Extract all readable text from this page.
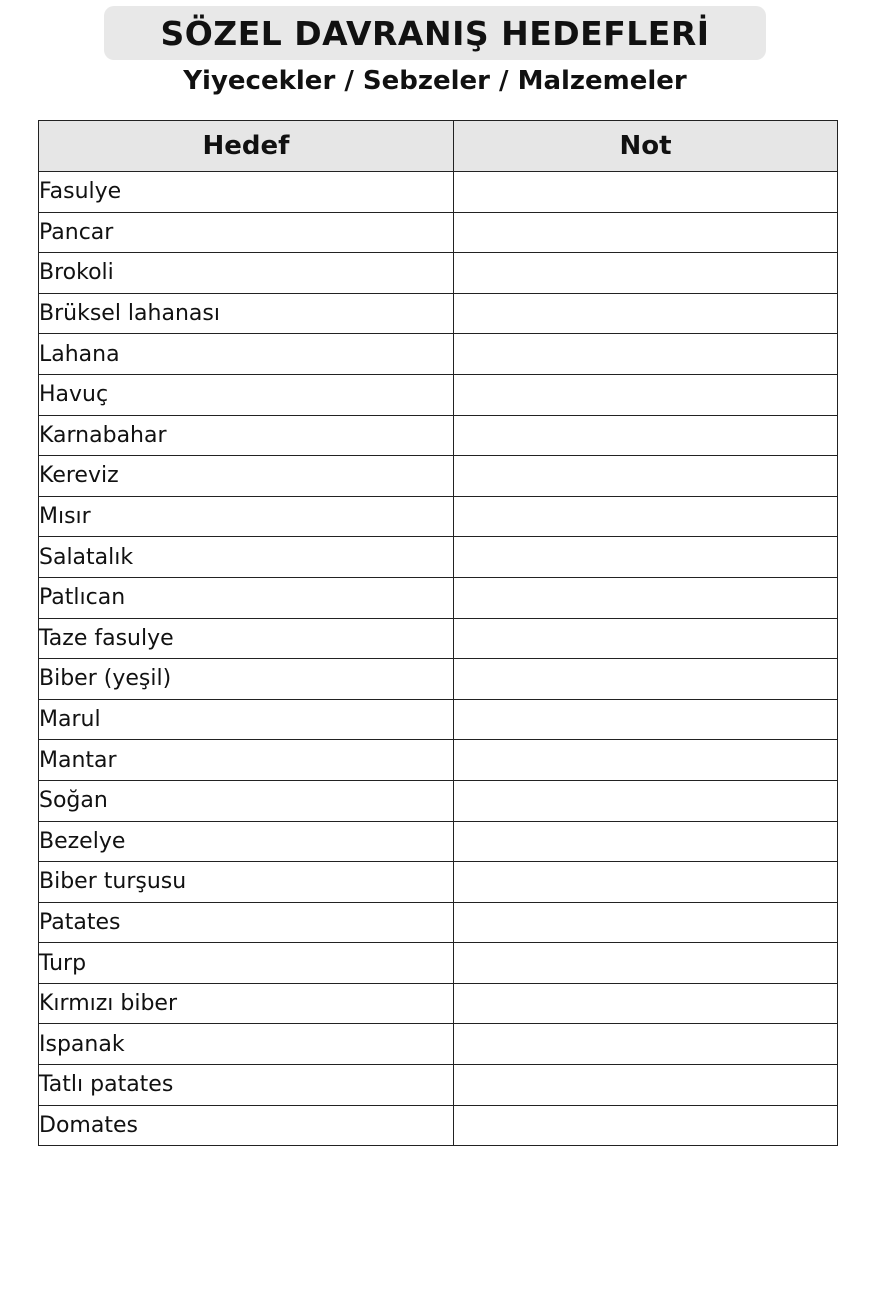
SÖZEL DAVRANIŞ HEDEFLERİ
Yiyecekler / Sebzeler / Malzemeler
Hedef	Not
Fasulye	
Pancar	
Brokoli	
Brüksel lahanası	
Lahana	
Havuç	
Karnabahar	
Kereviz	
Mısır	
Salatalık	
Patlıcan	
Taze fasulye	
Biber (yeşil)	
Marul	
Mantar	
Soğan	
Bezelye	
Biber turşusu	
Patates	
Turp	
Kırmızı biber	
Ispanak	
Tatlı patates	
Domates	
